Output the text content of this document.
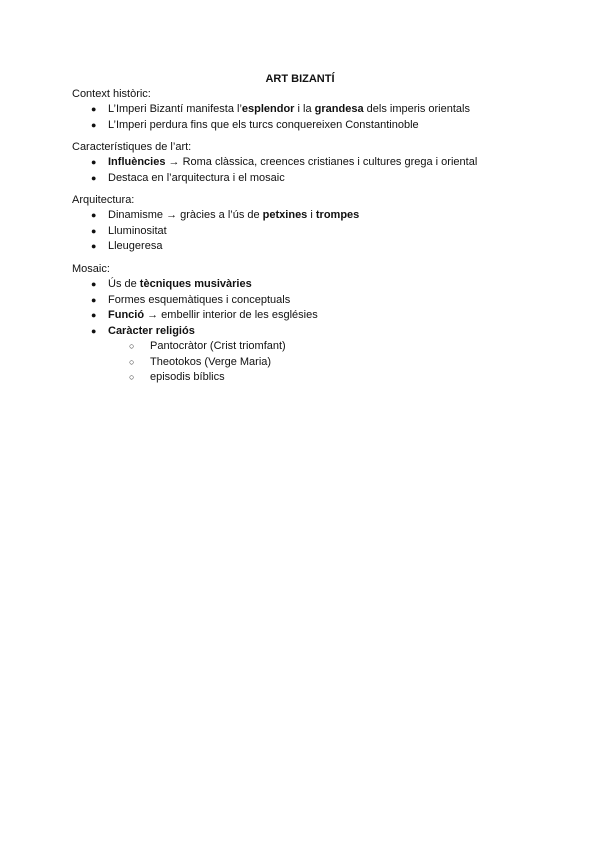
ART BIZANTÍ
Context històric:
● L’Imperi Bizantí manifesta l’esplendor i la grandesa dels imperis orientals
● L’Imperi perdura fins que els turcs conquereixen Constantinoble
Característiques de l’art:
● Influències → Roma clàssica, creences cristianes i cultures grega i oriental
● Destaca en l’arquitectura i el mosaic
Arquitectura:
● Dinamisme → gràcies a l’ús de petxines i trompes
● Lluminositat
● Lleugeresa
Mosaic:
● Ús de tècniques musivàries
● Formes esquemàtiques i conceptuals
● Funció → embellir interior de les esglésies
● Caràcter religiós
○ Pantocràtor (Crist triomfant)
○ Theotokos (Verge Maria)
○ episodis bíblics
